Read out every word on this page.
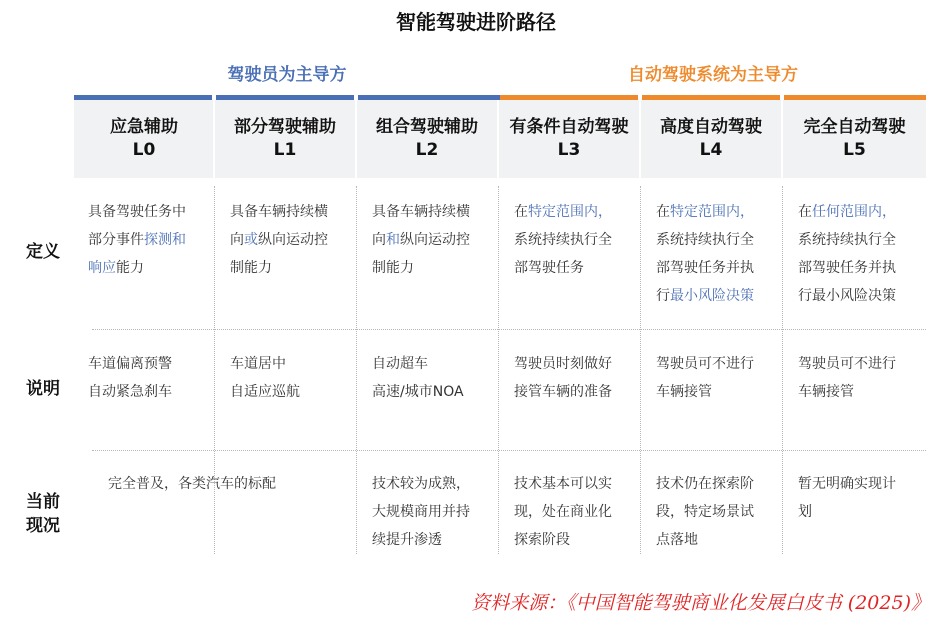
智能驾驶进阶路径
驾驶员为主导方	自动驾驶系统为主导方
应急辅助
L0
部分驾驶辅助
L1
组合驾驶辅助
L2
有条件自动驾驶
L3
高度自动驾驶
L4
完全自动驾驶
L5
定义
说明
当前现况
具备驾驶任务中
部分事件探测和
响应能力
具备车辆持续横
向或纵向运动控
制能力
具备车辆持续横
向和纵向运动控
制能力
在特定范围内，
系统持续执行全
部驾驶任务
在特定范围内，
系统持续执行全
部驾驶任务并执
行最小风险决策
在任何范围内，
系统持续执行全
部驾驶任务并执
行最小风险决策
车道偏离预警
自动紧急刹车
车道居中
自适应巡航
自动超车
高速/城市NOA
驾驶员时刻做好
接管车辆的准备
驾驶员可不进行
车辆接管
驾驶员可不进行
车辆接管
完全普及，各类汽车的标配	技术较为成熟，
大规模商用并持
续提升渗透
技术基本可以实
现，处在商业化
探索阶段
技术仍在探索阶
段，特定场景试
点落地
暂无明确实现计
划
资料来源：《中国智能驾驶商业化发展白皮书 (2025)》
